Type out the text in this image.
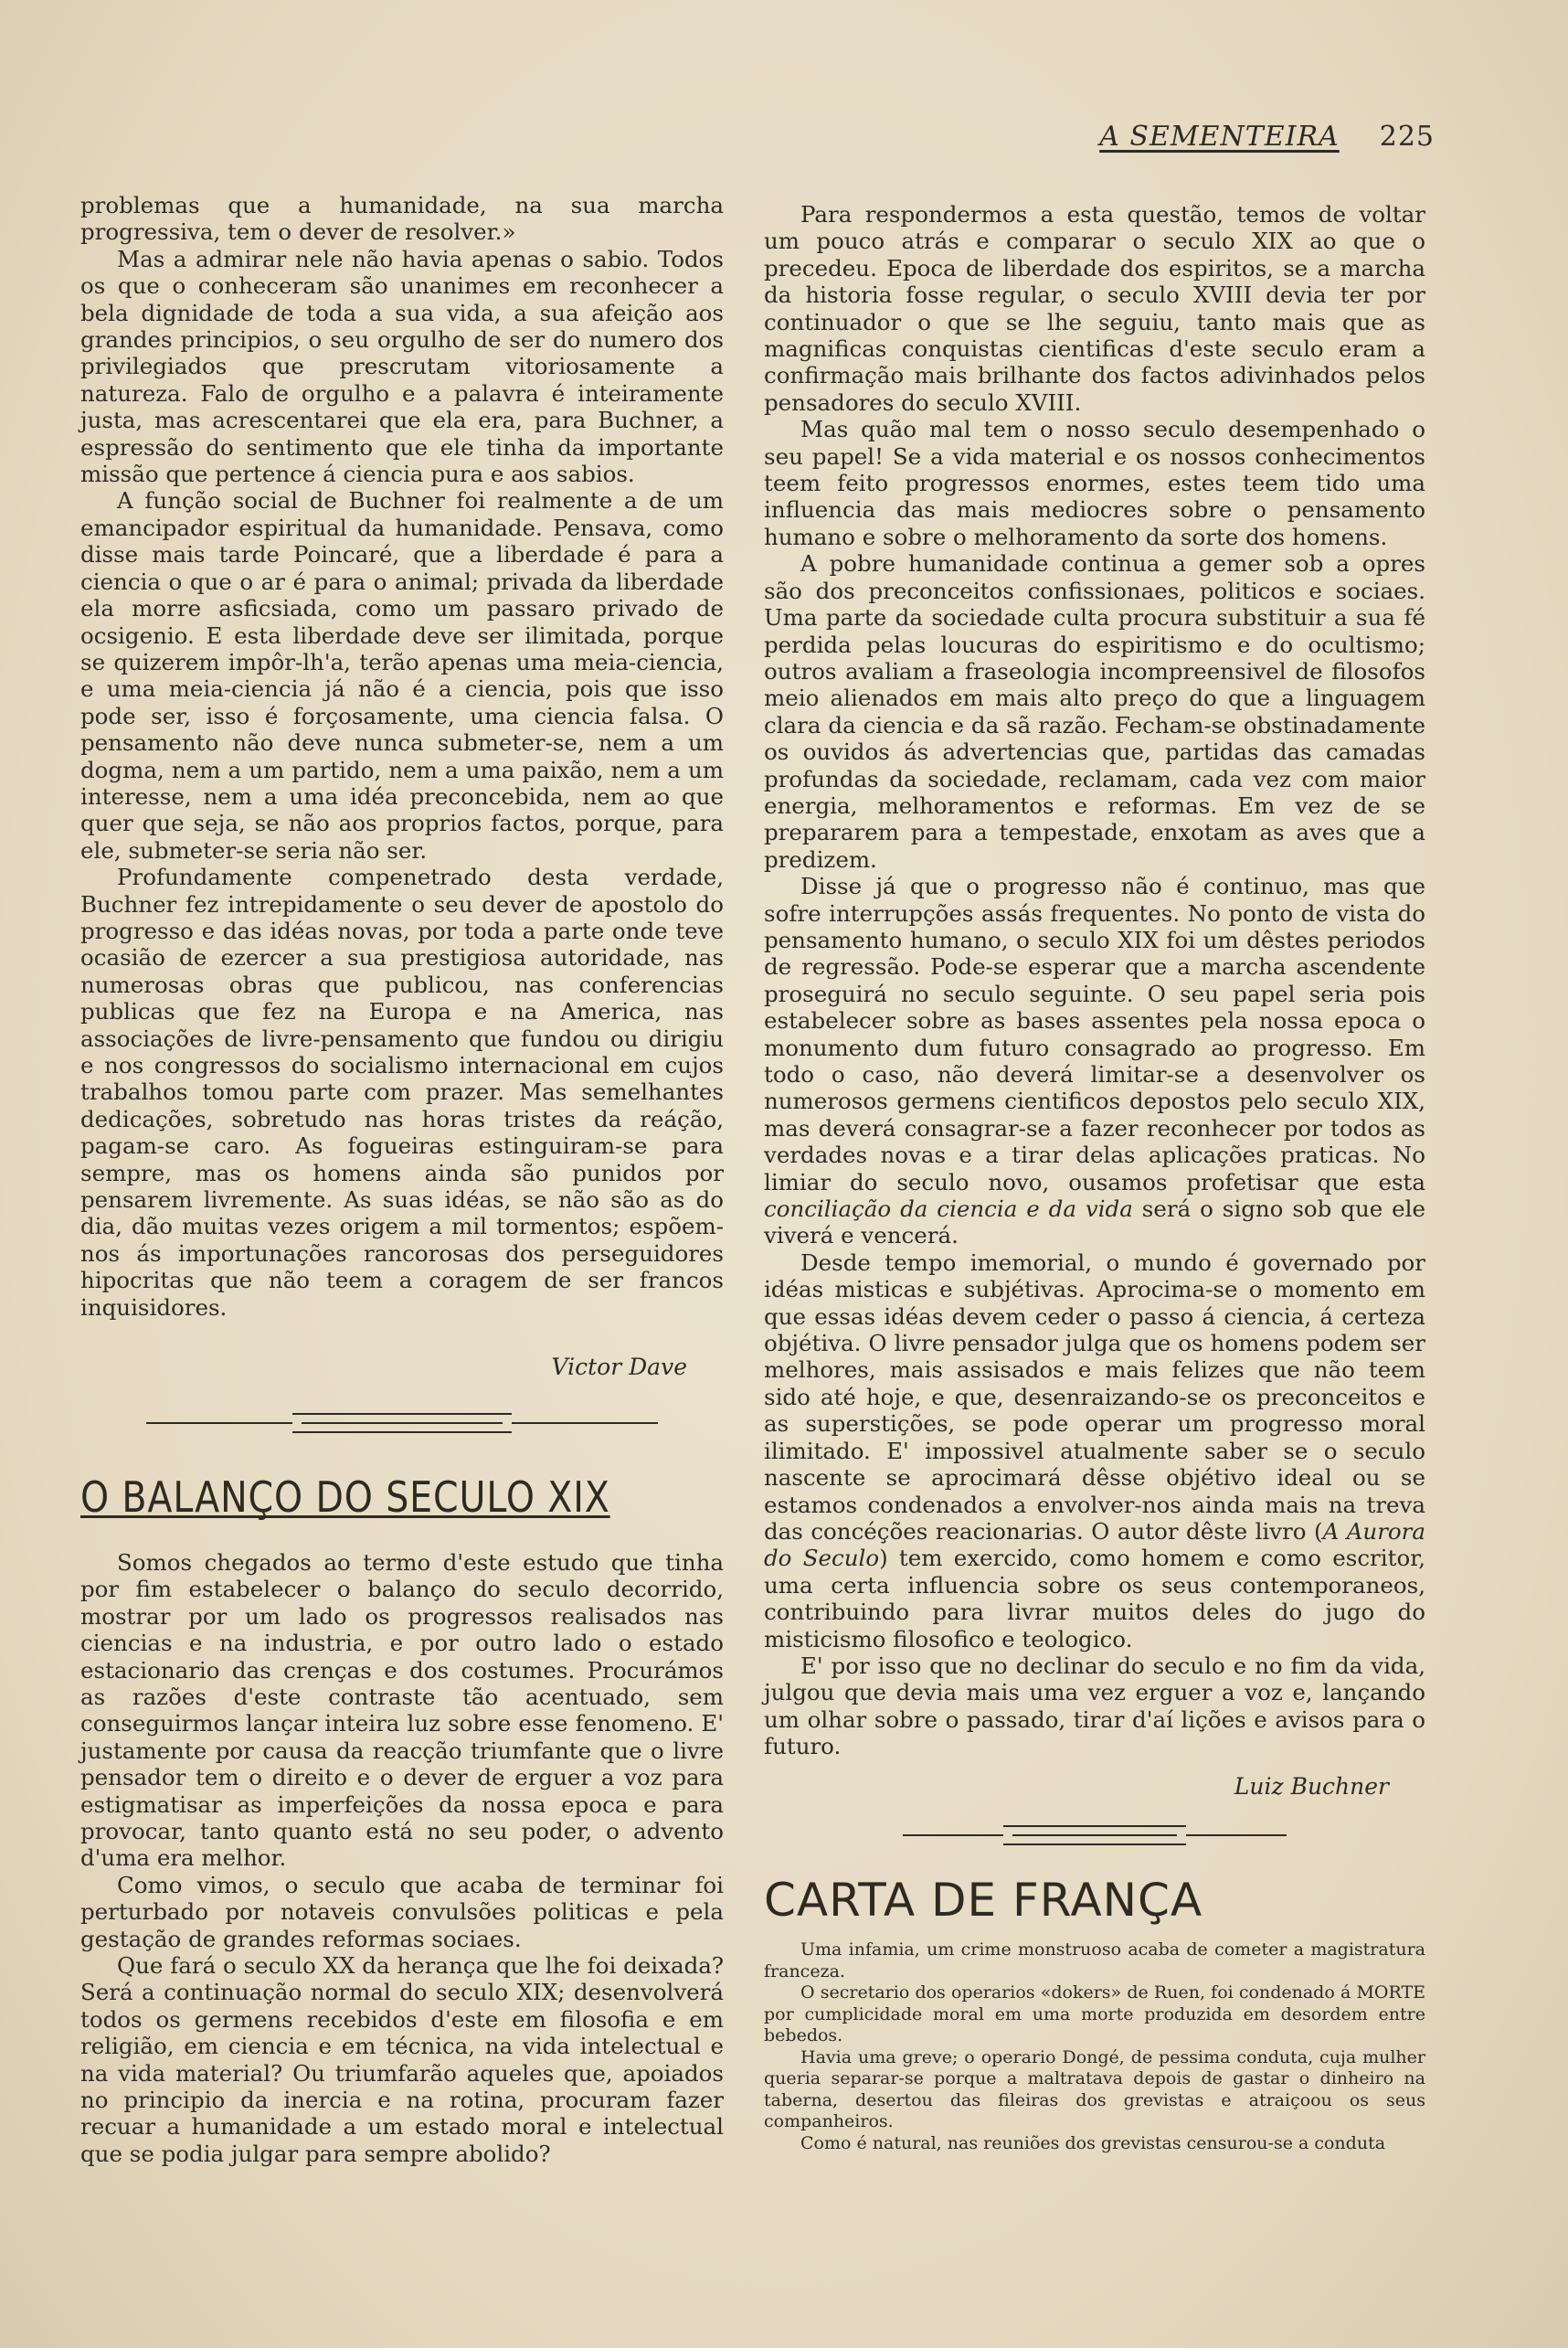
A SEMENTEIRA 225

problemas que a humanidade, na sua marcha progressiva, tem o dever de resolver.»

Mas a admirar nele não havia apenas o sabio. Todos os que o conheceram são unanimes em reconhecer a bela dignidade de toda a sua vida, a sua afeição aos grandes principios, o seu orgulho de ser do numero dos privilegiados que prescrutam vitoriosamente a natureza. Falo de orgulho e a palavra é inteiramente justa, mas acrescentarei que ela era, para Buchner, a espressão do sentimento que ele tinha da importante missão que pertence á ciencia pura e aos sabios.

A função social de Buchner foi realmente a de um emancipador espiritual da humanidade. Pensava, como disse mais tarde Poincaré, que a liberdade é para a ciencia o que o ar é para o animal; privada da liberdade ela morre asficsiada, como um passaro privado de ocsigenio. E esta liberdade deve ser ilimitada, porque se quizerem impôr-lh'a, terão apenas uma meia-ciencia, e uma meia-ciencia já não é a ciencia, pois que isso pode ser, isso é forçosamente, uma ciencia falsa. O pensamento não deve nunca submeter-se, nem a um dogma, nem a um partido, nem a uma paixão, nem a um interesse, nem a uma idéa preconcebida, nem ao que quer que seja, se não aos proprios factos, porque, para ele, submeter-se seria não ser.

Profundamente compenetrado desta verdade, Buchner fez intrepidamente o seu dever de apostolo do progresso e das idéas novas, por toda a parte onde teve ocasião de ezercer a sua prestigiosa autoridade, nas numerosas obras que publicou, nas conferencias publicas que fez na Europa e na America, nas associações de livre-pensamento que fundou ou dirigiu e nos congressos do socialismo internacional em cujos trabalhos tomou parte com prazer. Mas semelhantes dedicações, sobretudo nas horas tristes da reáção, pagam-se caro. As fogueiras estinguiram-se para sempre, mas os homens ainda são punidos por pensarem livremente. As suas idéas, se não são as do dia, dão muitas vezes origem a mil tormentos; espõem-nos ás importunações rancorosas dos perseguidores hipocritas que não teem a coragem de ser francos inquisidores.

Victor Dave
O BALANÇO DO SECULO XIX

Somos chegados ao termo d'este estudo que tinha por fim estabelecer o balanço do seculo decorrido, mostrar por um lado os progressos realisados nas ciencias e na industria, e por outro lado o estado estacionario das crenças e dos costumes. Procurámos as razões d'este contraste tão acentuado, sem conseguirmos lançar inteira luz sobre esse fenomeno. E' justamente por causa da reacção triumfante que o livre pensador tem o direito e o dever de erguer a voz para estigmatisar as imperfeições da nossa epoca e para provocar, tanto quanto está no seu poder, o advento d'uma era melhor.

Como vimos, o seculo que acaba de terminar foi perturbado por notaveis convulsões politicas e pela gestação de grandes reformas sociaes.

Que fará o seculo XX da herança que lhe foi deixada? Será a continuação normal do seculo XIX; desenvolverá todos os germens recebidos d'este em filosofia e em religião, em ciencia e em técnica, na vida intelectual e na vida material? Ou triumfarão aqueles que, apoiados no principio da inercia e na rotina, procuram fazer recuar a humanidade a um estado moral e intelectual que se podia julgar para sempre abolido?

Para respondermos a esta questão, temos de voltar um pouco atrás e comparar o seculo XIX ao que o precedeu. Epoca de liberdade dos espiritos, se a marcha da historia fosse regular, o seculo XVIII devia ter por continuador o que se lhe seguiu, tanto mais que as magnificas conquistas cientificas d'este seculo eram a confirmação mais brilhante dos factos adivinhados pelos pensadores do seculo XVIII.

Mas quão mal tem o nosso seculo desempenhado o seu papel! Se a vida material e os nossos conhecimentos teem feito progressos enormes, estes teem tido uma influencia das mais mediocres sobre o pensamento humano e sobre o melhoramento da sorte dos homens.

A pobre humanidade continua a gemer sob a opres são dos preconceitos confissionaes, politicos e sociaes. Uma parte da sociedade culta procura substituir a sua fé perdida pelas loucuras do espiritismo e do ocultismo; outros avaliam a fraseologia incompreensivel de filosofos meio alienados em mais alto preço do que a linguagem clara da ciencia e da sã razão. Fecham-se obstinadamente os ouvidos ás advertencias que, partidas das camadas profundas da sociedade, reclamam, cada vez com maior energia, melhoramentos e reformas. Em vez de se prepararem para a tempestade, enxotam as aves que a predizem.

Disse já que o progresso não é continuo, mas que sofre interrupções assás frequentes. No ponto de vista do pensamento humano, o seculo XIX foi um dêstes periodos de regressão. Pode-se esperar que a marcha ascendente proseguirá no seculo seguinte. O seu papel seria pois estabelecer sobre as bases assentes pela nossa epoca o monumento dum futuro consagrado ao progresso. Em todo o caso, não deverá limitar-se a desenvolver os numerosos germens cientificos depostos pelo seculo XIX, mas deverá consagrar-se a fazer reconhecer por todos as verdades novas e a tirar delas aplicações praticas. No limiar do seculo novo, ousamos profetisar que esta conciliação da ciencia e da vida será o signo sob que ele viverá e vencerá.

Desde tempo imemorial, o mundo é governado por idéas misticas e subjétivas. Aprocima-se o momento em que essas idéas devem ceder o passo á ciencia, á certeza objétiva. O livre pensador julga que os homens podem ser melhores, mais assisados e mais felizes que não teem sido até hoje, e que, desenraizando-se os preconceitos e as superstições, se pode operar um progresso moral ilimitado. E' impossivel atualmente saber se o seculo nascente se aprocimará dêsse objétivo ideal ou se estamos condenados a envolver-nos ainda mais na treva das concéções reacionarias. O autor dêste livro (A Aurora do Seculo) tem exercido, como homem e como escritor, uma certa influencia sobre os seus contemporaneos, contribuindo para livrar muitos deles do jugo do misticismo filosofico e teologico.

E' por isso que no declinar do seculo e no fim da vida, julgou que devia mais uma vez erguer a voz e, lançando um olhar sobre o passado, tirar d'aí lições e avisos para o futuro.

Luiz Buchner
CARTA DE FRANÇA

Uma infamia, um crime monstruoso acaba de cometer a magistratura franceza.

O secretario dos operarios «dokers» de Ruen, foi condenado á MORTE por cumplicidade moral em uma morte produzida em desordem entre bebedos.

Havia uma greve; o operario Dongé, de pessima conduta, cuja mulher queria separar-se porque a maltratava depois de gastar o dinheiro na taberna, desertou das fileiras dos grevistas e atraiçoou os seus companheiros.

Como é natural, nas reuniões dos grevistas censurou-se a conduta
